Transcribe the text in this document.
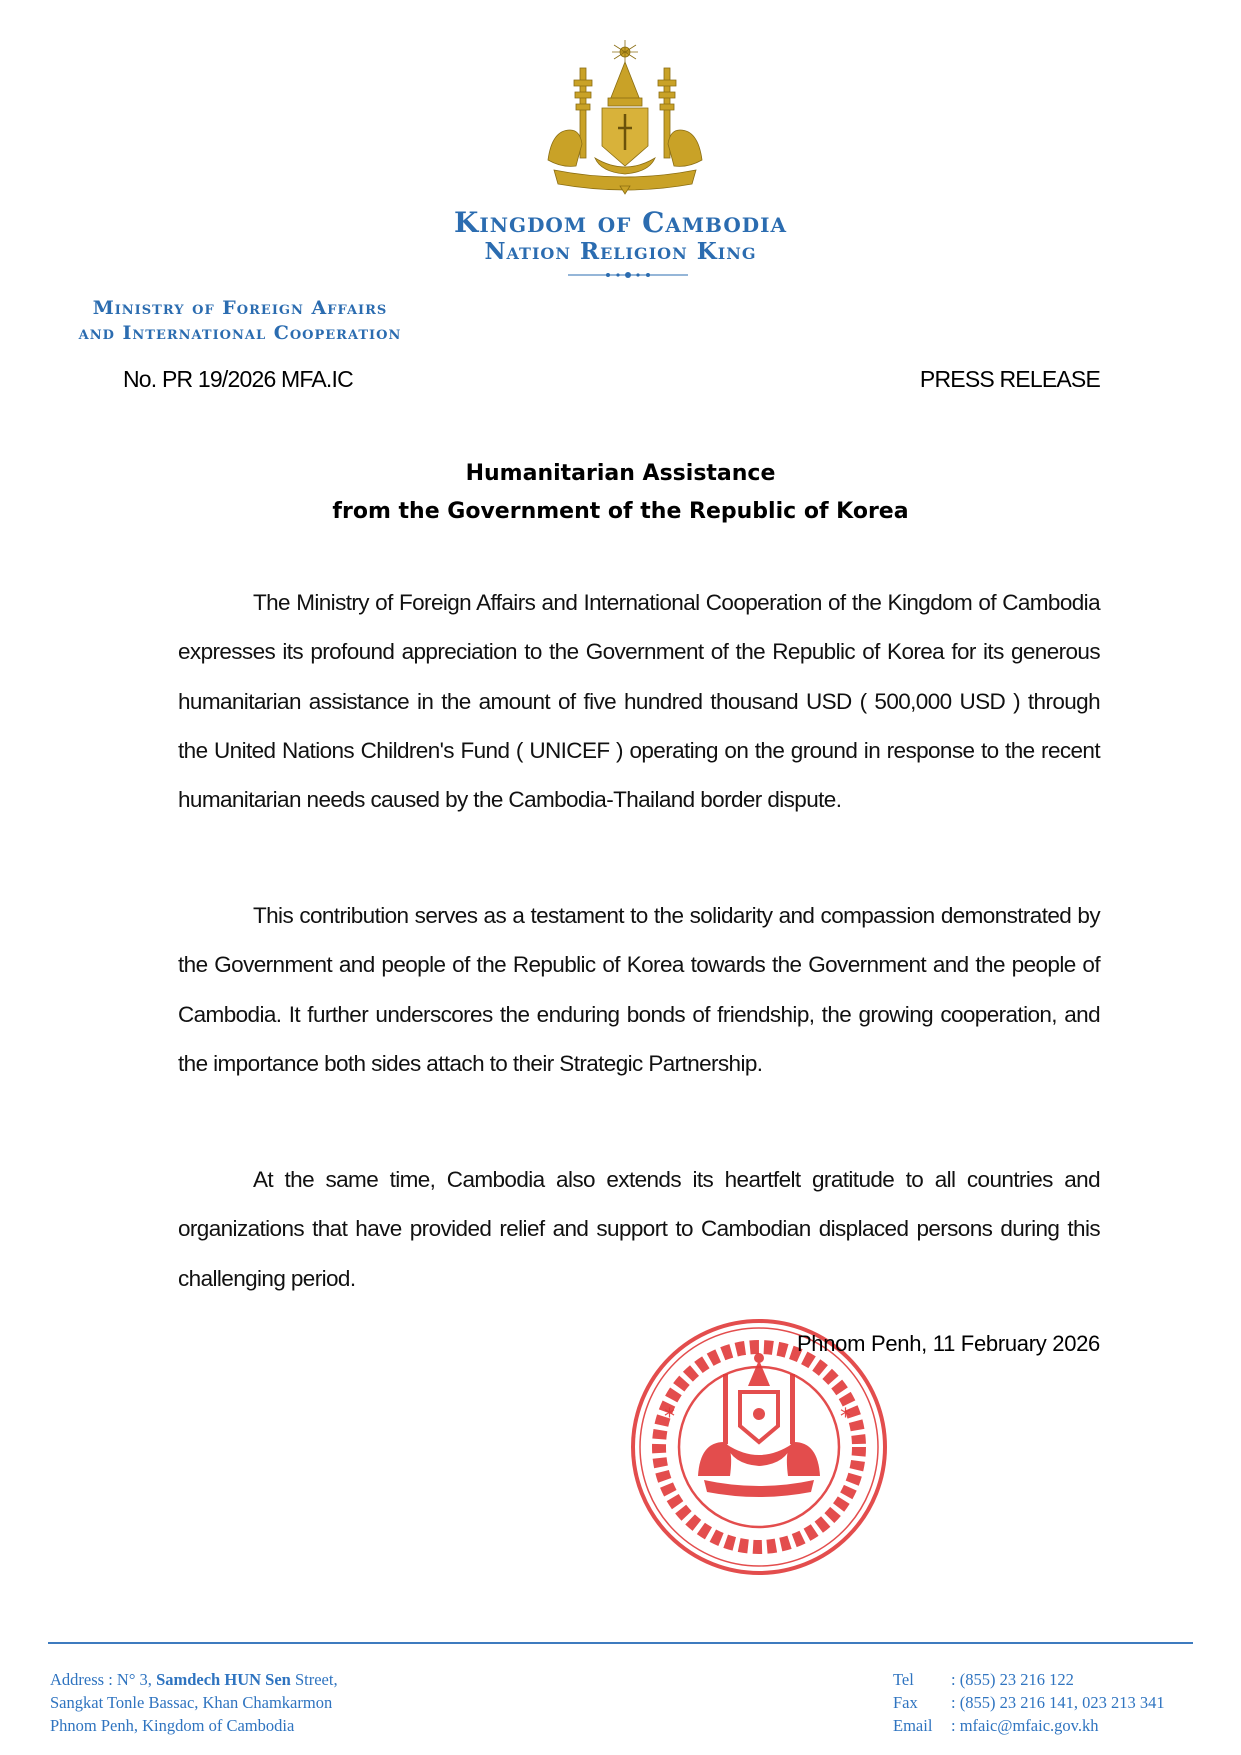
Kingdom of Cambodia
Nation Religion King
Ministry of Foreign Affairs
and International Cooperation
No. PR 19/2026 MFA.IC	PRESS RELEASE
Humanitarian Assistance
from the Government of the Republic of Korea

The Ministry of Foreign Affairs and International Cooperation of the Kingdom of Cambodia expresses its profound appreciation to the Government of the Republic of Korea for its generous humanitarian assistance in the amount of five hundred thousand USD ( 500,000 USD ) through the United Nations Children's Fund ( UNICEF ) operating on the ground in response to the recent humanitarian needs caused by the Cambodia-Thailand border dispute.

This contribution serves as a testament to the solidarity and compassion demonstrated by the Government and people of the Republic of Korea towards the Government and the people of Cambodia. It further underscores the enduring bonds of friendship, the growing cooperation, and the importance both sides attach to their Strategic Partnership.

At the same time, Cambodia also extends its heartfelt gratitude to all countries and organizations that have provided relief and support to Cambodian displaced persons during this challenging period.

*	*
Phnom Penh, 11 February 2026
Address : N° 3, Samdech HUN Sen Street,
Sangkat Tonle Bassac, Khan Chamkarmon
Phnom Penh, Kingdom of Cambodia
Tel	: (855) 23 216 122
Fax	: (855) 23 216 141, 023 213 341
Email	: mfaic@mfaic.gov.kh
